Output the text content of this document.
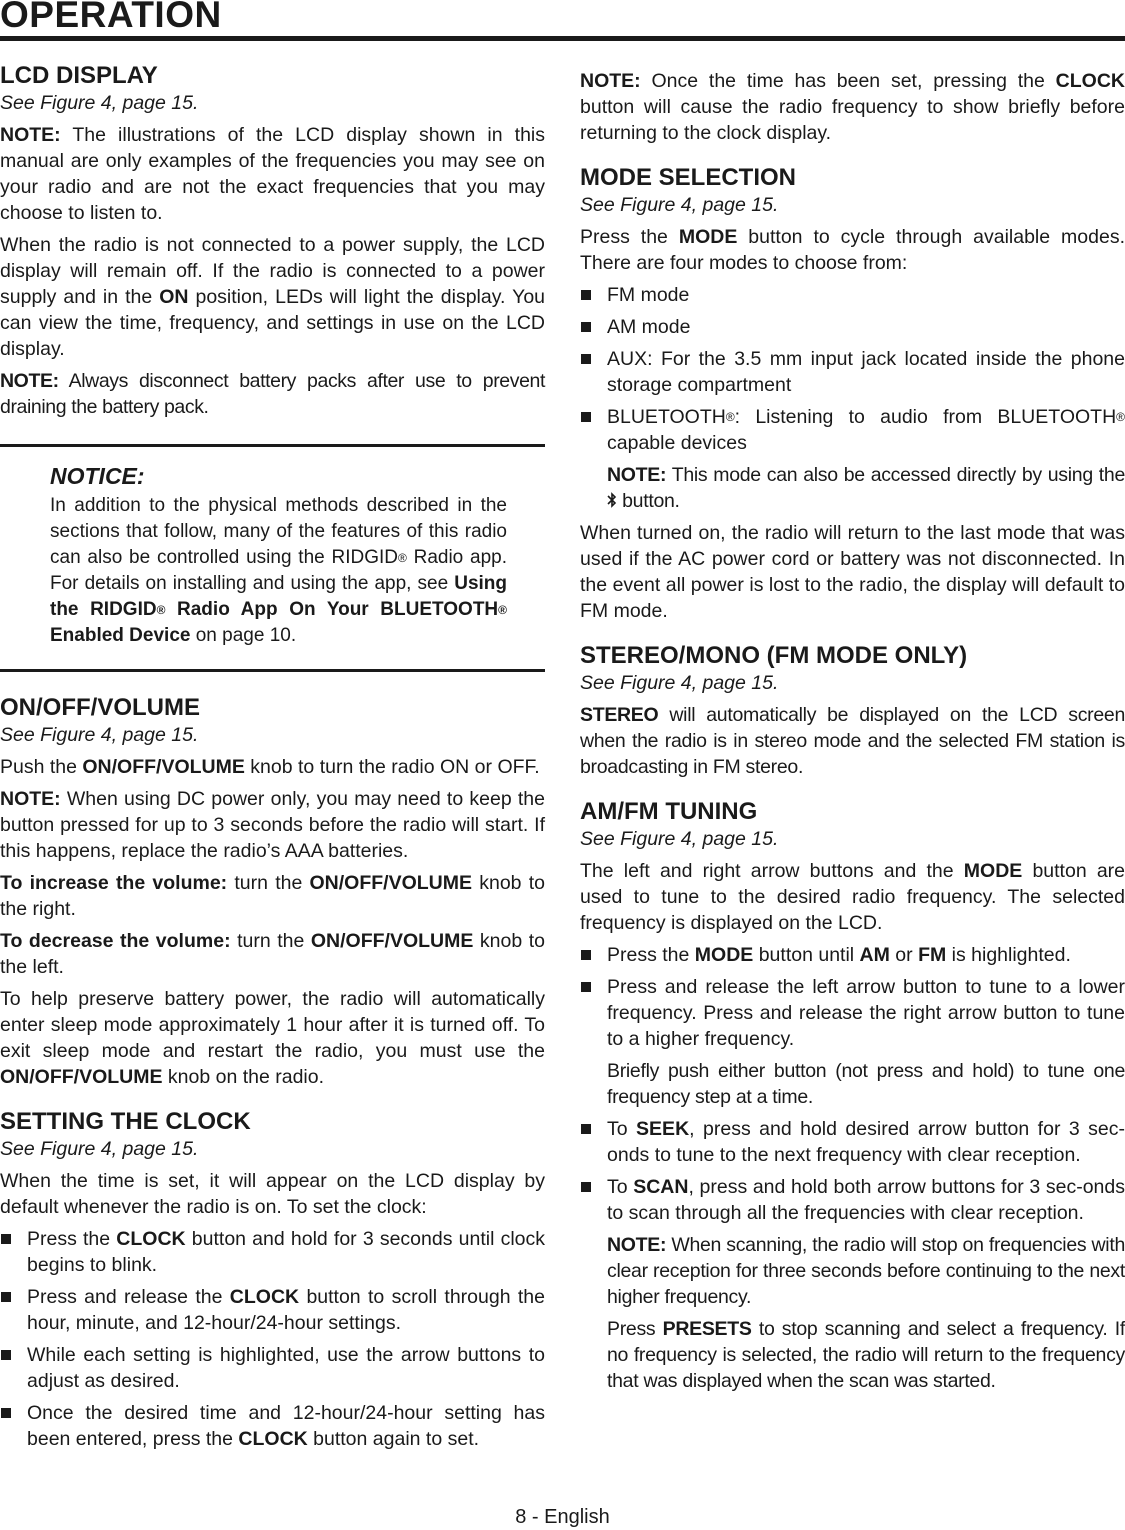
OPERATION
LCD DISPLAY
See Figure 4, page 15.

NOTE: The illustrations of the LCD display shown in this manual are only examples of the frequencies you may see on your radio and are not the exact frequencies that you may choose to listen to.

When the radio is not connected to a power supply, the LCD display will remain off. If the radio is connected to a power supply and in the ON position, LEDs will light the display. You can view the time, frequency, and settings in use on the LCD display.

NOTE: Always disconnect battery packs after use to prevent draining the battery pack.

NOTICE:

In addition to the physical methods described in the sections that follow, many of the features of this radio can also be controlled using the RIDGID® Radio app. For details on installing and using the app, see Using the RIDGID® Radio App On Your BLUETOOTH® Enabled Device on page 10.

ON/OFF/VOLUME
See Figure 4, page 15.

Push the ON/OFF/VOLUME knob to turn the radio ON or OFF.

NOTE: When using DC power only, you may need to keep the button pressed for up to 3 seconds before the radio will start. If this happens, replace the radio’s AAA batteries.

To increase the volume: turn the ON/OFF/VOLUME knob to the right.

To decrease the volume: turn the ON/OFF/VOLUME knob to the left.

To help preserve battery power, the radio will automatically enter sleep mode approximately 1 hour after it is turned off. To exit sleep mode and restart the radio, you must use the ON/OFF/VOLUME knob on the radio.

SETTING THE CLOCK
See Figure 4, page 15.

When the time is set, it will appear on the LCD display by default whenever the radio is on. To set the clock:

Press the CLOCK button and hold for 3 seconds until clock begins to blink.
Press and release the CLOCK button to scroll through the hour, minute, and 12-hour/24-hour settings.
While each setting is highlighted, use the arrow buttons to adjust as desired.
Once the desired time and 12-hour/24-hour setting has been entered, press the CLOCK button again to set.

NOTE: Once the time has been set, pressing the CLOCK button will cause the radio frequency to show briefly before returning to the clock display.

MODE SELECTION
See Figure 4, page 15.

Press the MODE button to cycle through available modes. There are four modes to choose from:

FM mode
AM mode
AUX: For the 3.5 mm input jack located inside the phone storage compartment
BLUETOOTH®: Listening to audio from BLUETOOTH® capable devices

NOTE: This mode can also be accessed directly by using the  button.

When turned on, the radio will return to the last mode that was used if the AC power cord or battery was not disconnected. In the event all power is lost to the radio, the display will default to FM mode.

STEREO/MONO (FM MODE ONLY)
See Figure 4, page 15.

STEREO will automatically be displayed on the LCD screen when the radio is in stereo mode and the selected FM station is broadcasting in FM stereo.

AM/FM TUNING
See Figure 4, page 15.

The left and right arrow buttons and the MODE button are used to tune to the desired radio frequency. The selected frequency is displayed on the LCD.

Press the MODE button until AM or FM is highlighted.
Press and release the left arrow button to tune to a lower frequency. Press and release the right arrow button to tune to a higher frequency.

Briefly push either button (not press and hold) to tune one frequency step at a time.

To SEEK, press and hold desired arrow button for 3 sec-onds to tune to the next frequency with clear reception.
To SCAN, press and hold both arrow buttons for 3 sec-onds to scan through all the frequencies with clear reception.

NOTE: When scanning, the radio will stop on frequencies with clear reception for three seconds before continuing to the next higher frequency.

Press PRESETS to stop scanning and select a frequency. If no frequency is selected, the radio will return to the frequency that was displayed when the scan was started.

8 - English
